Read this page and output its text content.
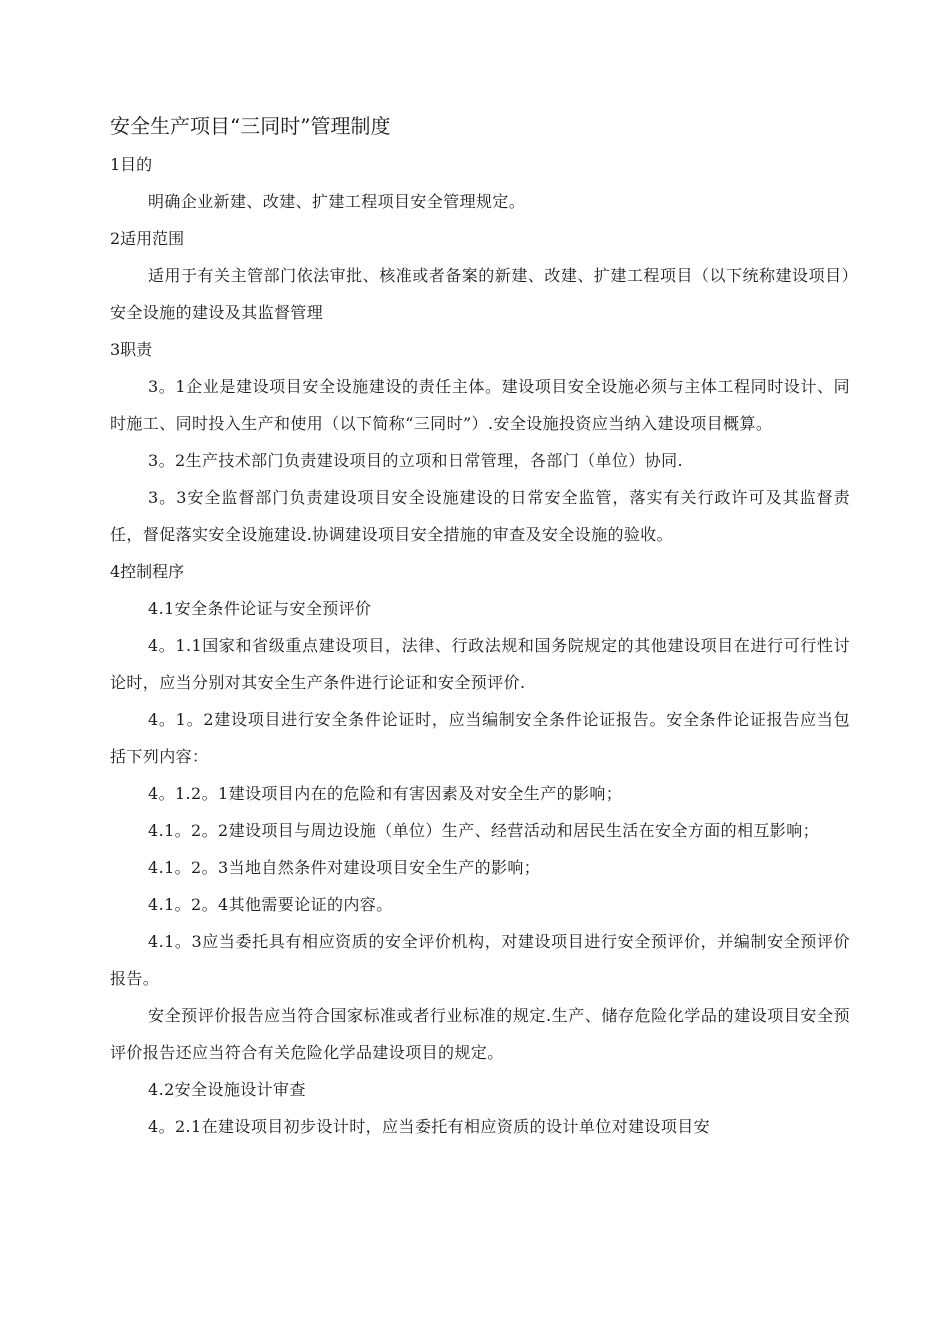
安全生产项目“三同时”管理制度

1目的

明确企业新建、改建、扩建工程项目安全管理规定。

2适用范围

适用于有关主管部门依法审批、核准或者备案的新建、改建、扩建工程项目（以下统称建设项目）安全设施的建设及其监督管理

3职责

3。1企业是建设项目安全设施建设的责任主体。建设项目安全设施必须与主体工程同时设计、同时施工、同时投入生产和使用（以下简称“三同时”）.安全设施投资应当纳入建设项目概算。

3。2生产技术部门负责建设项目的立项和日常管理，各部门（单位）协同.

3。3安全监督部门负责建设项目安全设施建设的日常安全监管，落实有关行政许可及其监督责任，督促落实安全设施建设.协调建设项目安全措施的审查及安全设施的验收。

4控制程序

4.1安全条件论证与安全预评价

4。1.1国家和省级重点建设项目，法律、行政法规和国务院规定的其他建设项目在进行可行性讨论时，应当分别对其安全生产条件进行论证和安全预评价.

4。1。2建设项目进行安全条件论证时，应当编制安全条件论证报告。安全条件论证报告应当包括下列内容：

4。1.2。1建设项目内在的危险和有害因素及对安全生产的影响；

4.1。2。2建设项目与周边设施（单位）生产、经营活动和居民生活在安全方面的相互影响；

4.1。2。3当地自然条件对建设项目安全生产的影响；

4.1。2。4其他需要论证的内容。

4.1。3应当委托具有相应资质的安全评价机构，对建设项目进行安全预评价，并编制安全预评价报告。

安全预评价报告应当符合国家标准或者行业标准的规定.生产、储存危险化学品的建设项目安全预评价报告还应当符合有关危险化学品建设项目的规定。

4.2安全设施设计审查

4。2.1在建设项目初步设计时，应当委托有相应资质的设计单位对建设项目安
